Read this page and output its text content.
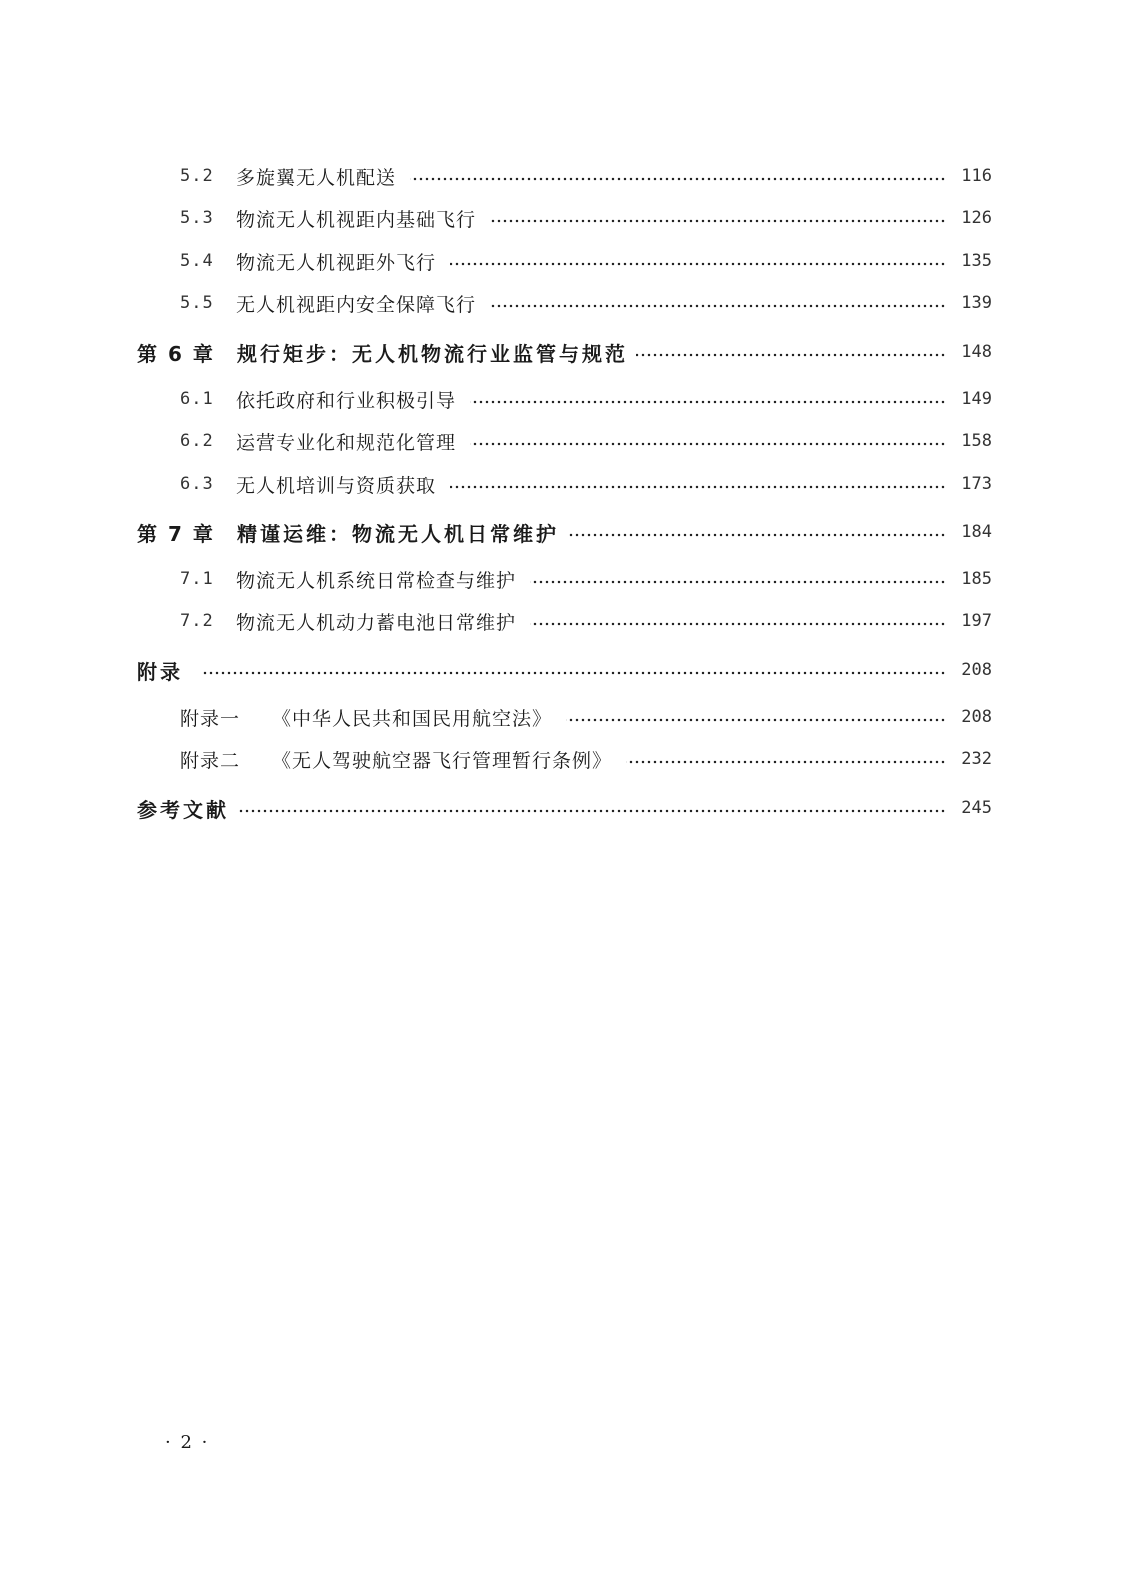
5.2	多旋翼无人机配送	116
5.3	物流无人机视距内基础飞行	126
5.4	物流无人机视距外飞行	135
5.5	无人机视距内安全保障飞行	139
第 6 章	规行矩步：无人机物流行业监管与规范	148
6.1	依托政府和行业积极引导	149
6.2	运营专业化和规范化管理	158
6.3	无人机培训与资质获取	173
第 7 章	精谨运维：物流无人机日常维护	184
7.1	物流无人机系统日常检查与维护	185
7.2	物流无人机动力蓄电池日常维护	197
附录	208
附录一	《中华人民共和国民用航空法》	208
附录二	《无人驾驶航空器飞行管理暂行条例》	232
参考文献	245
· 2 ·
